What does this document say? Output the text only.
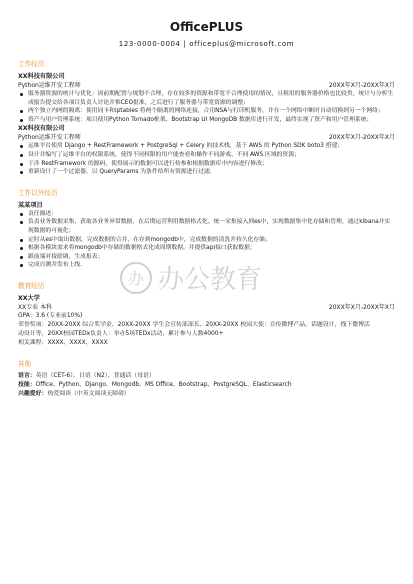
OfficePLUS
123-0000-0004 | officeplus@microsoft.com
工作经历
XX科技有限公司
Python运维开发工程师	20XX年X月-20XX年X月
服务器资源的统计与优化：因前期配置与规划不合理，存在较多的资源和带宽不合理使用的情况，且租用的服务器价格也比较贵，统计与分析生成报告提交给各项目负责人讨论并推CEO批准，之后进行了服务器与带宽资源的调整；
两个独立内网的隔离：使用同卡和iptables 将两个隔离的网络连接，合用NSA与打印机服务，并在一个网络中断时自动切换到另一个网络；
资产与用户管理系统：项目使用Python Tornado框架、Bootstrap UI MongoDB 数据库进行开发，最终实现了资产和用户管理系统；
XX科技有限公司
Python运维开发工程师	20XX年X月-20XX年X月
运维平台使用 Django + RestFramework + PostgreSql + Celery 的技术栈，基于 AWS 的 Python SDK boto3 搭建；
设计并编写了运维平台的权限系统，使得不同权限的用户能查看和操作不同游戏、不同 AWS 区域的资源；
于涉 RestFramework 的源码，使得展示的数据可以进行传参和根据数据库中内容进行修改；
重新设计了一个过滤器，以 QueryParams 为条件给所有资源进行过滤.
工作以外经历
某某项目
责任描述：
负责业务数据采集、获取各业务异常数据，在后期运营利用数据格式化、统一采集接入到es中，实现数据集中化存储和管理，通过kibana并实现数据的可视化；
定时从es中取出数据，完成数据的合并，在存到mongodb中，完成数据的清洗并持久化存储；
根据各模块需求将mongodb中存储的数据格式化成周期数据，并提供api接口获取数据；
跟前端对接联调，生成报表；
完成自测并发布上线.
教育经历
XX大学
XX专业 本科	20XX年X月-20XX年X月
GPA：3.6 (专业前10%)
荣誉奖项：20XX-20XX 综合奖学金、20XX-20XX 学生会宣传部部长、20XX-20XX 校园大使：宣传微博产品，话题设计，线下微博活
动设计等、20XX校园TEDx负责人：举办5场TEDx活动，累计参与人数4000+
相关课程：XXXX、XXXX、XXXX
其他
语言：英语（CET-6），日语（N2），普通话（母语）
技能：Office、Python、Django、Mongodb、MS Office、Bootstrap、PostgreSQL、Elasticsearch
兴趣爱好：热爱阅读（中英文阅读无障碍）
办 办公教育
